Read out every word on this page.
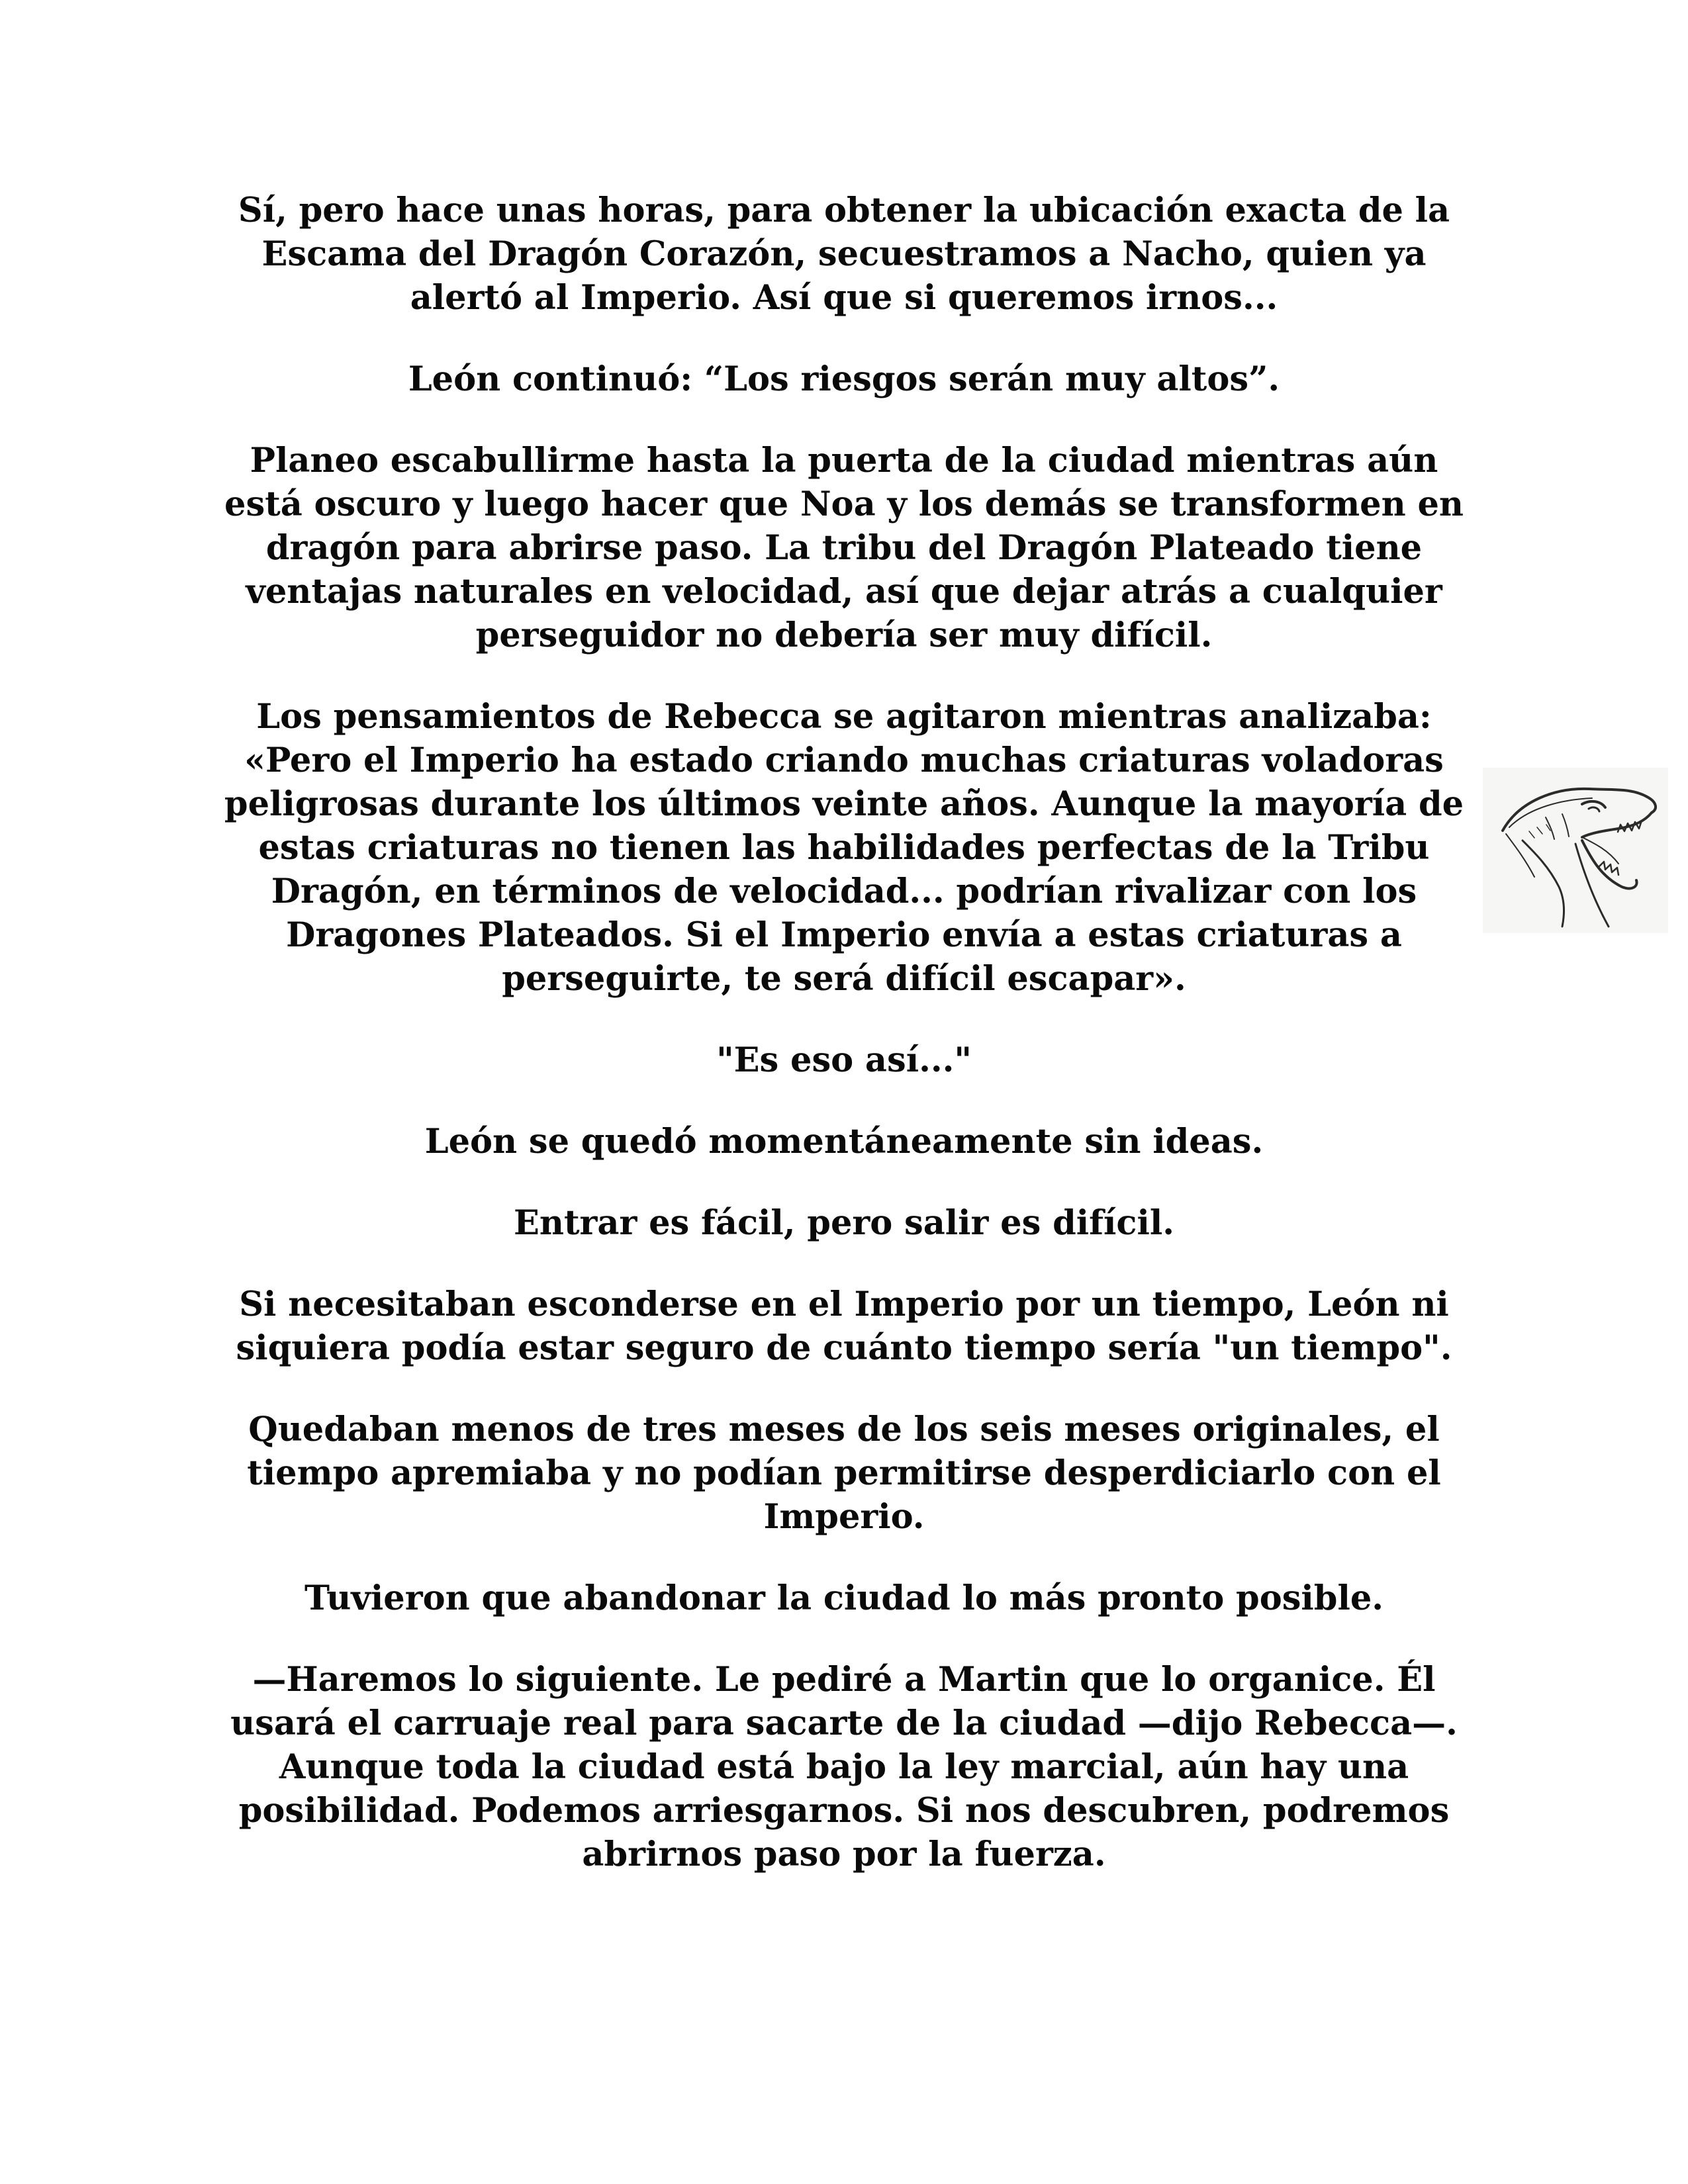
Sí, pero hace unas horas, para obtener la ubicación exacta de la Escama del Dragón Corazón, secuestramos a Nacho, quien ya alertó al Imperio. Así que si queremos irnos...

León continuó: “Los riesgos serán muy altos”.

Planeo escabullirme hasta la puerta de la ciudad mientras aún está oscuro y luego hacer que Noa y los demás se transformen en dragón para abrirse paso. La tribu del Dragón Plateado tiene ventajas naturales en velocidad, así que dejar atrás a cualquier perseguidor no debería ser muy difícil.

Los pensamientos de Rebecca se agitaron mientras analizaba: «Pero el Imperio ha estado criando muchas criaturas voladoras peligrosas durante los últimos veinte años. Aunque la mayoría de estas criaturas no tienen las habilidades perfectas de la Tribu Dragón, en términos de velocidad... podrían rivalizar con los Dragones Plateados. Si el Imperio envía a estas criaturas a perseguirte, te será difícil escapar».

"Es eso así..."

León se quedó momentáneamente sin ideas.

Entrar es fácil, pero salir es difícil.

Si necesitaban esconderse en el Imperio por un tiempo, León ni siquiera podía estar seguro de cuánto tiempo sería "un tiempo".

Quedaban menos de tres meses de los seis meses originales, el tiempo apremiaba y no podían permitirse desperdiciarlo con el Imperio.

Tuvieron que abandonar la ciudad lo más pronto posible.

—Haremos lo siguiente. Le pediré a Martin que lo organice. Él usará el carruaje real para sacarte de la ciudad —dijo Rebecca—. Aunque toda la ciudad está bajo la ley marcial, aún hay una posibilidad. Podemos arriesgarnos. Si nos descubren, podremos abrirnos paso por la fuerza.
